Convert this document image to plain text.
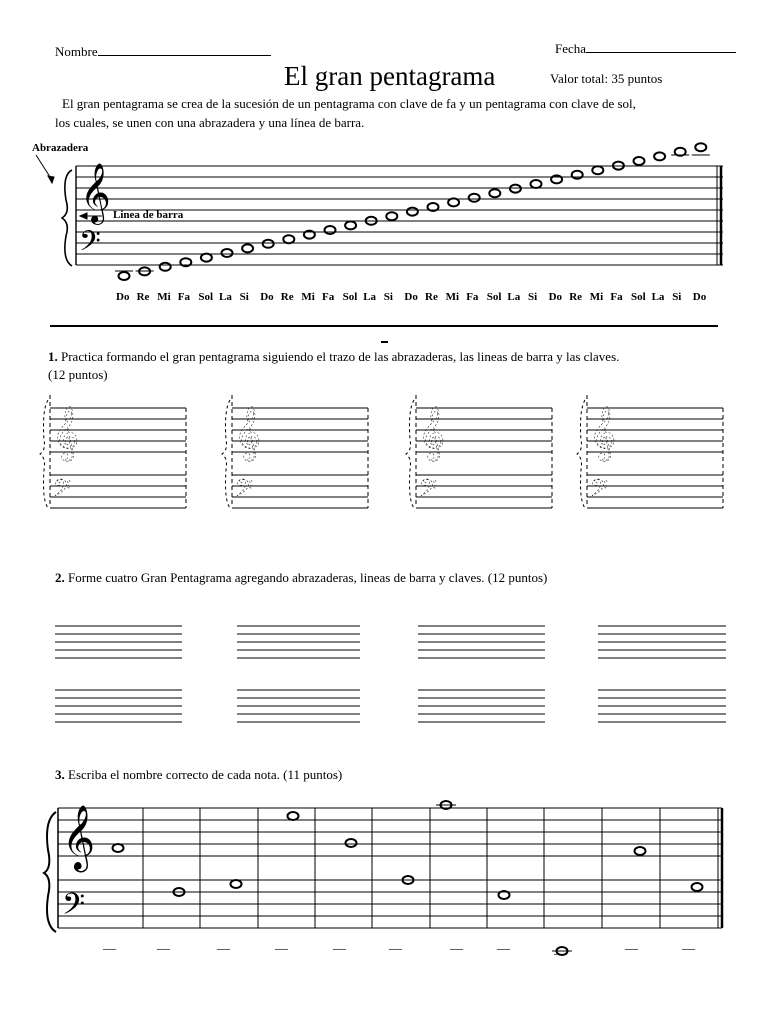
Nombre	Fecha
El gran pentagrama	Valor total: 35 puntos
El gran pentagrama se crea de la sucesión de un pentagrama con clave de fa y un pentagrama con clave de sol,
los cuales, se unen con una abrazadera y una línea de barra.
Abrazadera
Linea de barra
𝄞
𝄢
Do Re Mi Fa Sol La Si Do Re Mi Fa Sol La Si Do Re Mi Fa Sol La Si Do Re Mi Fa Sol La Si Do
1. Practica formando el gran pentagrama siguiendo el trazo de las abrazaderas, las lineas de barra y las claves.
(12 puntos)
𝄞
𝄢
𝄞
𝄢
𝄞
𝄢
𝄞
𝄢
2. Forme cuatro Gran Pentagrama agregando abrazaderas, lineas de barra y claves. (12 puntos)
3. Escriba el nombre correcto de cada nota. (11 puntos)
𝄞
𝄢
__	__	__	__	__	__	__	__	__	__	__
